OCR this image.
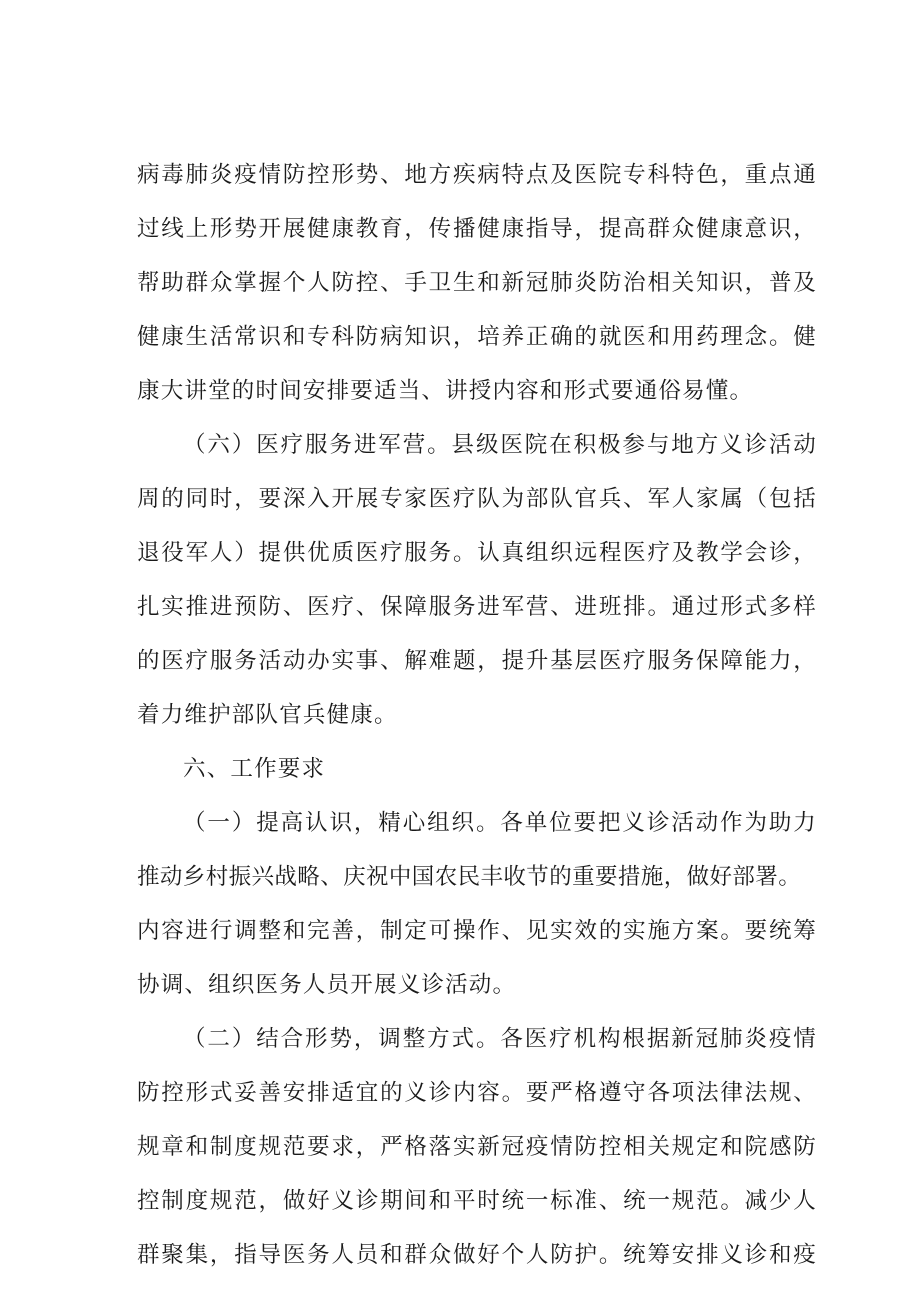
病毒肺炎疫情防控形势、地方疾病特点及医院专科特色，重点通
过线上形势开展健康教育，传播健康指导，提高群众健康意识，
帮助群众掌握个人防控、手卫生和新冠肺炎防治相关知识，普及
健康生活常识和专科防病知识，培养正确的就医和用药理念。健
康大讲堂的时间安排要适当、讲授内容和形式要通俗易懂。
（六）医疗服务进军营。县级医院在积极参与地方义诊活动
周的同时，要深入开展专家医疗队为部队官兵、军人家属（包括
退役军人）提供优质医疗服务。认真组织远程医疗及教学会诊，
扎实推进预防、医疗、保障服务进军营、进班排。通过形式多样
的医疗服务活动办实事、解难题，提升基层医疗服务保障能力，
着力维护部队官兵健康。
六、工作要求
（一）提高认识，精心组织。各单位要把义诊活动作为助力
推动乡村振兴战略、庆祝中国农民丰收节的重要措施，做好部署。
内容进行调整和完善，制定可操作、见实效的实施方案。要统筹
协调、组织医务人员开展义诊活动。
（二）结合形势，调整方式。各医疗机构根据新冠肺炎疫情
防控形式妥善安排适宜的义诊内容。要严格遵守各项法律法规、
规章和制度规范要求，严格落实新冠疫情防控相关规定和院感防
控制度规范，做好义诊期间和平时统一标准、统一规范。减少人
群聚集，指导医务人员和群众做好个人防护。统筹安排义诊和疫
